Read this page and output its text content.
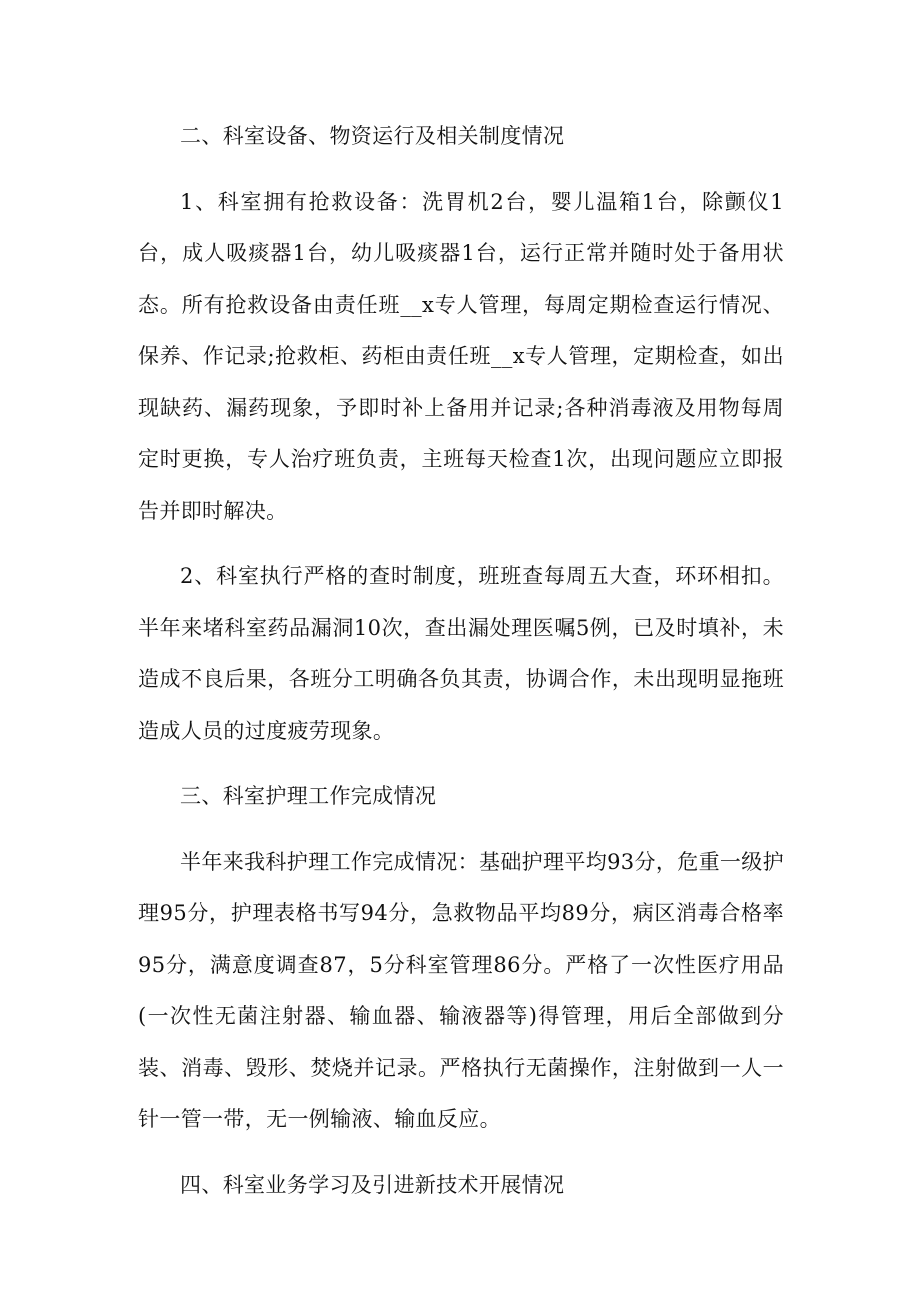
二、科室设备、物资运行及相关制度情况

1、科室拥有抢救设备：洗胃机2台，婴儿温箱1台，除颤仪1台，成人吸痰器1台，幼儿吸痰器1台，运行正常并随时处于备用状态。所有抢救设备由责任班__x专人管理，每周定期检查运行情况、保养、作记录;抢救柜、药柜由责任班__x专人管理，定期检查，如出现缺药、漏药现象，予即时补上备用并记录;各种消毒液及用物每周定时更换，专人治疗班负责，主班每天检查1次，出现问题应立即报告并即时解决。

2、科室执行严格的查时制度，班班查每周五大查，环环相扣。半年来堵科室药品漏洞10次，查出漏处理医嘱5例，已及时填补，未造成不良后果，各班分工明确各负其责，协调合作，未出现明显拖班造成人员的过度疲劳现象。

三、科室护理工作完成情况

半年来我科护理工作完成情况：基础护理平均93分，危重一级护理95分，护理表格书写94分，急救物品平均89分，病区消毒合格率95分，满意度调查87，5分科室管理86分。严格了一次性医疗用品(一次性无菌注射器、输血器、输液器等)得管理，用后全部做到分装、消毒、毁形、焚烧并记录。严格执行无菌操作，注射做到一人一针一管一带，无一例输液、输血反应。

四、科室业务学习及引进新技术开展情况
